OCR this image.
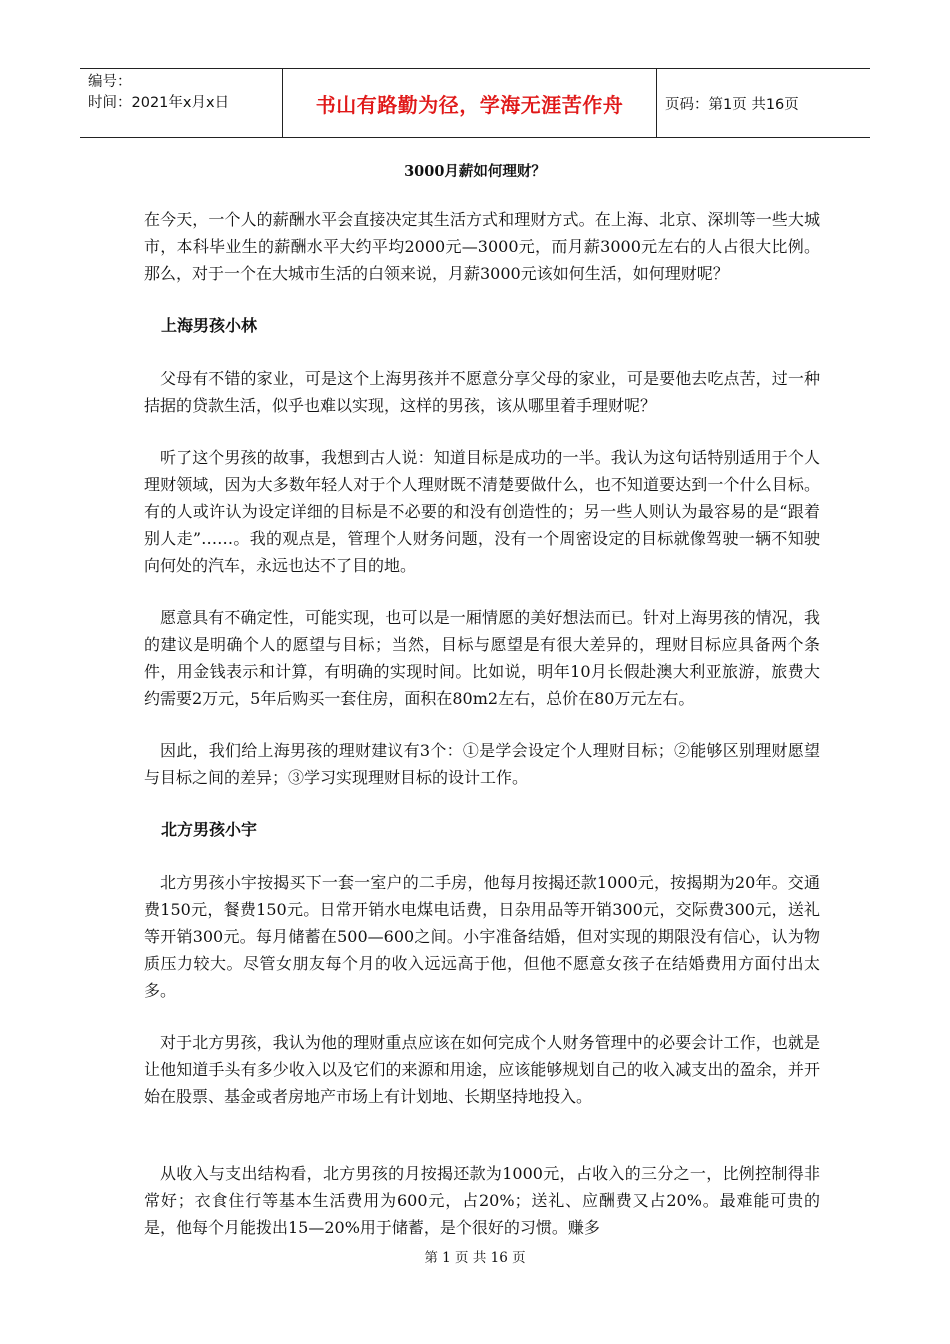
编号：
时间：2021年x月x日	书山有路勤为径，学海无涯苦作舟	页码：第1页 共16页
3000月薪如何理财？

在今天，一个人的薪酬水平会直接决定其生活方式和理财方式。在上海、北京、深圳等一些大城市，本科毕业生的薪酬水平大约平均2000元—3000元，而月薪3000元左右的人占很大比例。那么，对于一个在大城市生活的白领来说，月薪3000元该如何生活，如何理财呢？

上海男孩小林

父母有不错的家业，可是这个上海男孩并不愿意分享父母的家业，可是要他去吃点苦，过一种拮据的贷款生活，似乎也难以实现，这样的男孩，该从哪里着手理财呢？

听了这个男孩的故事，我想到古人说：知道目标是成功的一半。我认为这句话特别适用于个人理财领域，因为大多数年轻人对于个人理财既不清楚要做什么，也不知道要达到一个什么目标。有的人或许认为设定详细的目标是不必要的和没有创造性的；另一些人则认为最容易的是“跟着别人走”……。我的观点是，管理个人财务问题，没有一个周密设定的目标就像驾驶一辆不知驶向何处的汽车，永远也达不了目的地。

愿意具有不确定性，可能实现，也可以是一厢情愿的美好想法而已。针对上海男孩的情况，我的建议是明确个人的愿望与目标；当然，目标与愿望是有很大差异的，理财目标应具备两个条件，用金钱表示和计算，有明确的实现时间。比如说，明年10月长假赴澳大利亚旅游，旅费大约需要2万元，5年后购买一套住房，面积在80m2左右，总价在80万元左右。

因此，我们给上海男孩的理财建议有3个：①是学会设定个人理财目标；②能够区别理财愿望与目标之间的差异；③学习实现理财目标的设计工作。

北方男孩小宇

北方男孩小宇按揭买下一套一室户的二手房，他每月按揭还款1000元，按揭期为20年。交通费150元，餐费150元。日常开销水电煤电话费，日杂用品等开销300元，交际费300元，送礼等开销300元。每月储蓄在500—600之间。小宇准备结婚，但对实现的期限没有信心，认为物质压力较大。尽管女朋友每个月的收入远远高于他，但他不愿意女孩子在结婚费用方面付出太多。

对于北方男孩，我认为他的理财重点应该在如何完成个人财务管理中的必要会计工作，也就是让他知道手头有多少收入以及它们的来源和用途，应该能够规划自己的收入减支出的盈余，并开始在股票、基金或者房地产市场上有计划地、长期坚持地投入。

从收入与支出结构看，北方男孩的月按揭还款为1000元，占收入的三分之一，比例控制得非常好；衣食住行等基本生活费用为600元，占20%；送礼、应酬费又占20%。最难能可贵的是，他每个月能拨出15—20%用于储蓄，是个很好的习惯。赚多

第 1 页 共 16 页
